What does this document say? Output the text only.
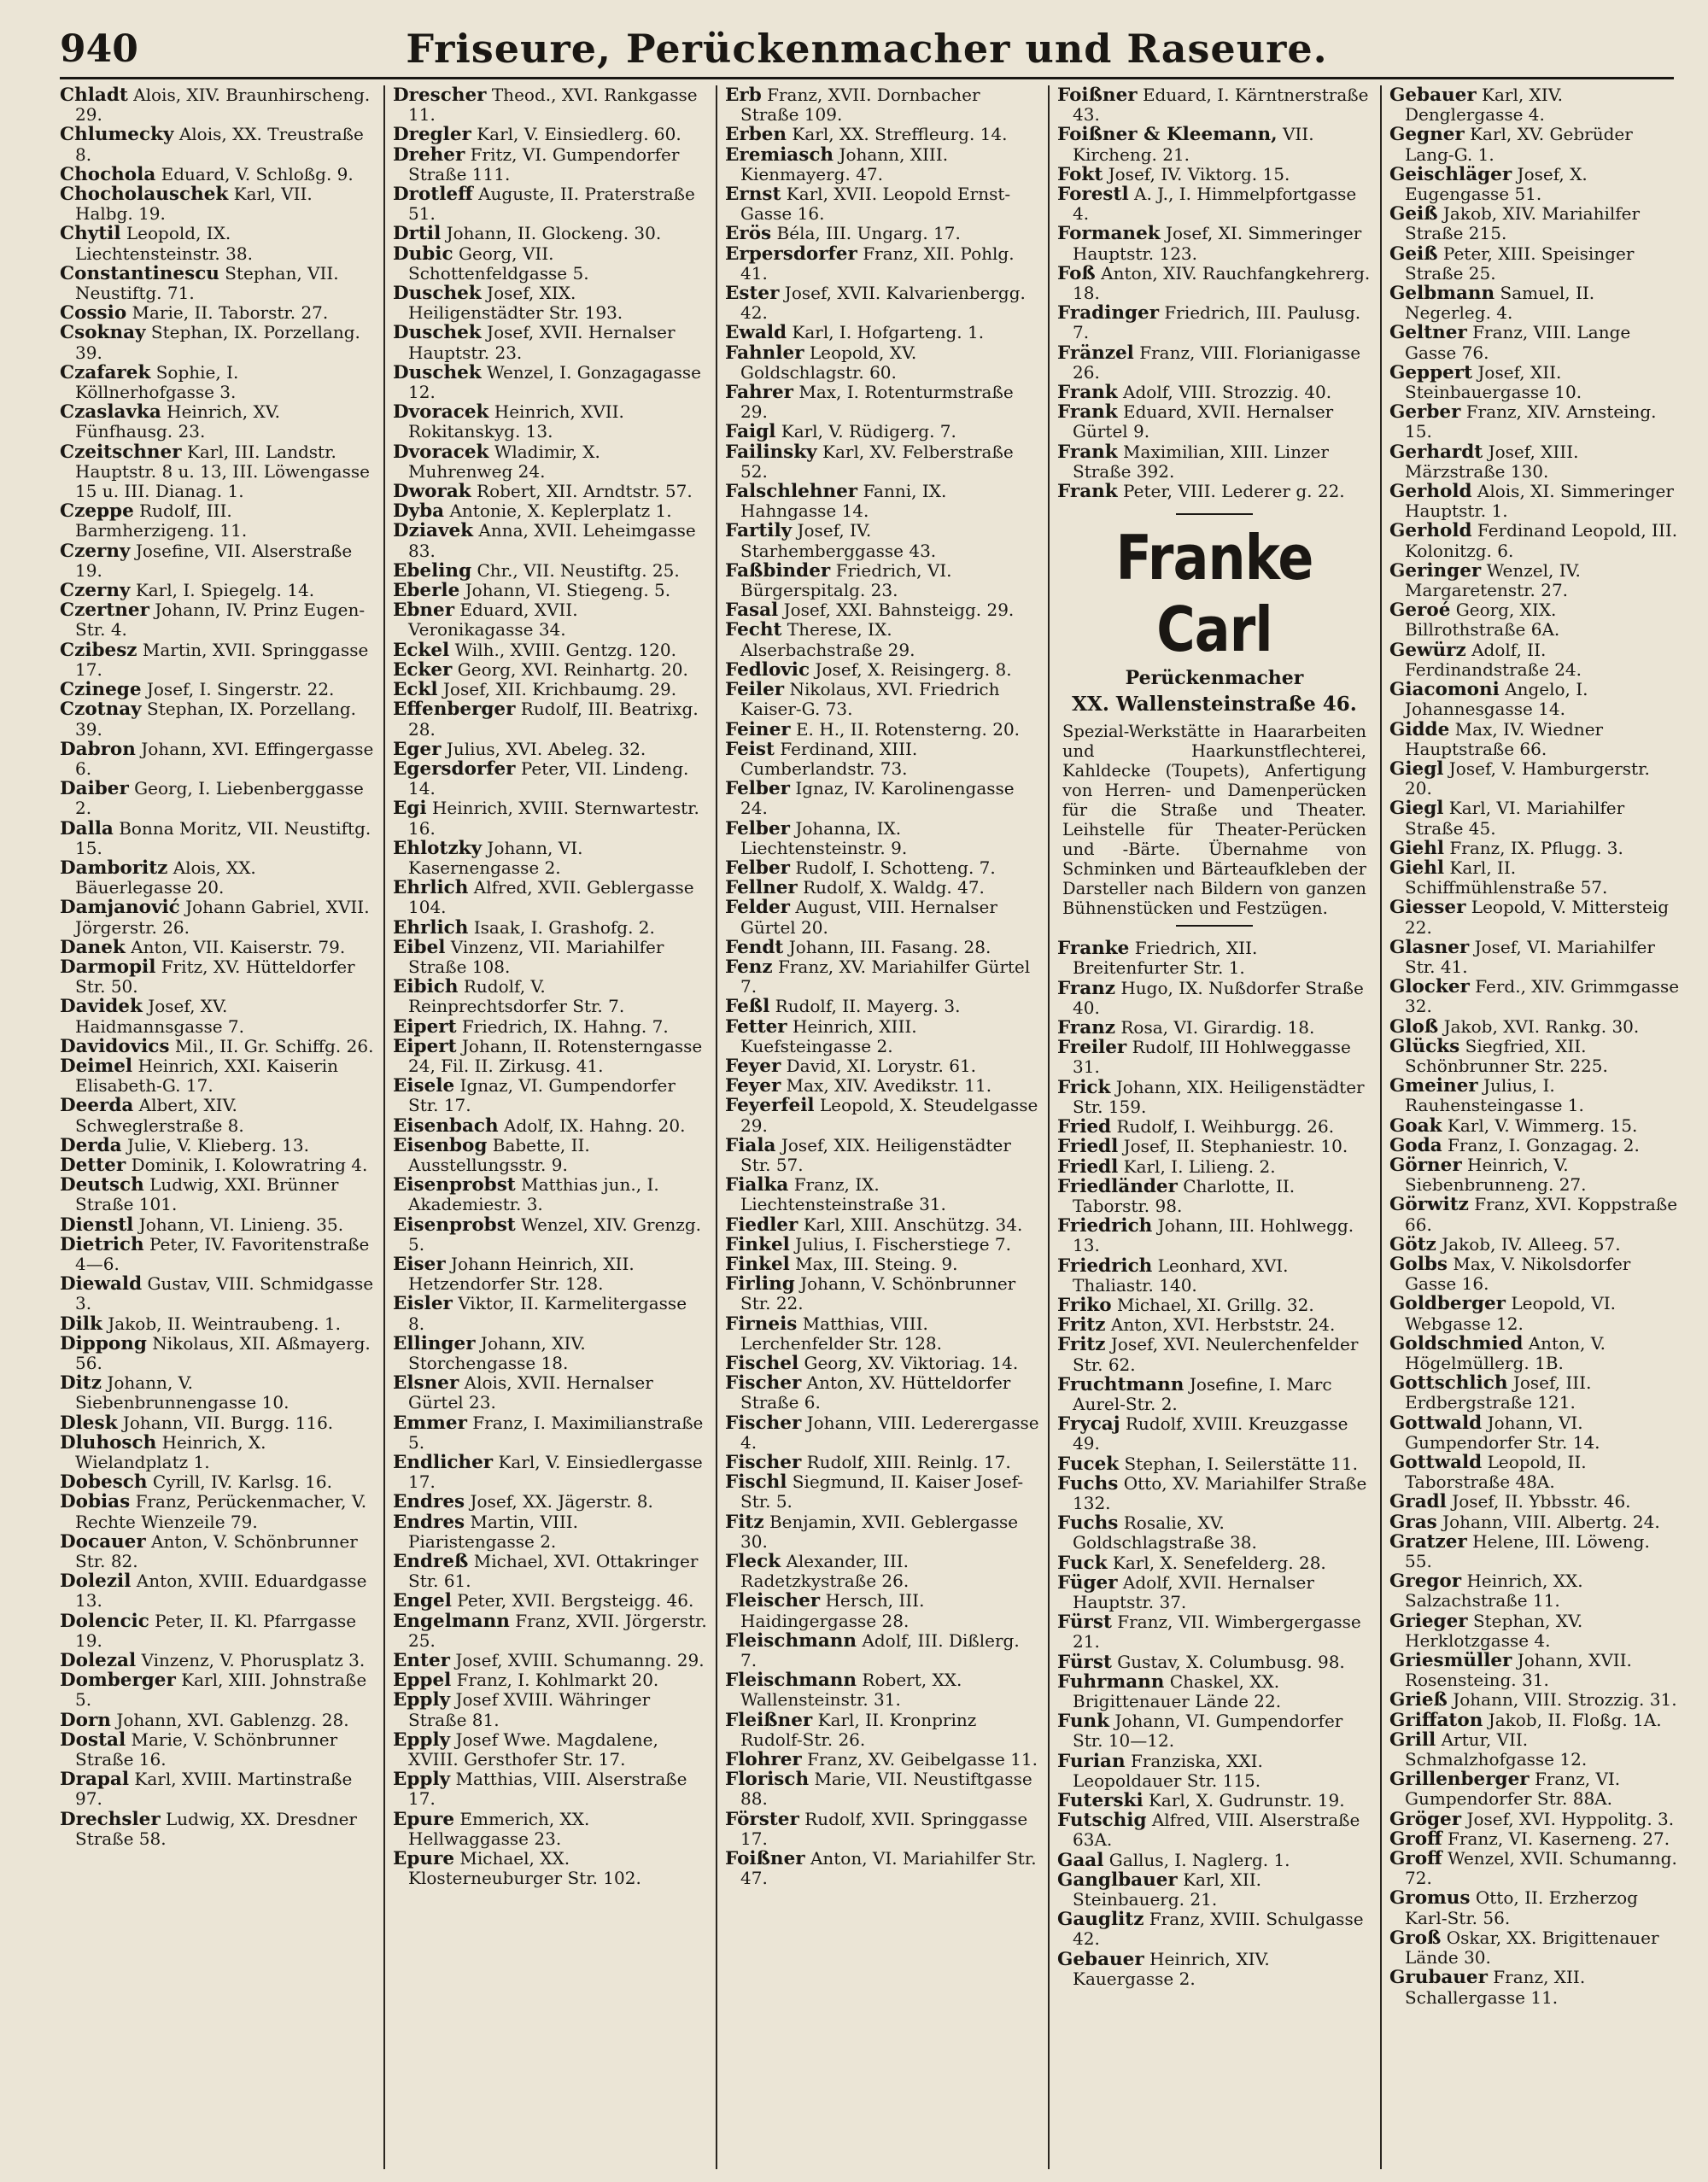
940	Friseure, Perückenmacher und Raseure.
Chladt Alois, XIV. Braunhirscheng. 29.
Chlumecky Alois, XX. Treustraße 8.
Chochola Eduard, V. Schloßg. 9.
Chocholauschek Karl, VII. Halbg. 19.
Chytil Leopold, IX. Liechtensteinstr. 38.
Constantinescu Stephan, VII. Neustiftg. 71.
Cossio Marie, II. Taborstr. 27.
Csoknay Stephan, IX. Porzellang. 39.
Czafarek Sophie, I. Köllnerhofgasse 3.
Czaslavka Heinrich, XV. Fünfhausg. 23.
Czeitschner Karl, III. Landstr. Hauptstr. 8 u. 13, III. Löwengasse 15 u. III. Dianag. 1.
Czeppe Rudolf, III. Barmherzigeng. 11.
Czerny Josefine, VII. Alserstraße 19.
Czerny Karl, I. Spiegelg. 14.
Czertner Johann, IV. Prinz Eugen-Str. 4.
Czibesz Martin, XVII. Springgasse 17.
Czinege Josef, I. Singerstr. 22.
Czotnay Stephan, IX. Porzellang. 39.
Dabron Johann, XVI. Effingergasse 6.
Daiber Georg, I. Liebenberggasse 2.
Dalla Bonna Moritz, VII. Neustiftg. 15.
Damboritz Alois, XX. Bäuerlegasse 20.
Damjanović Johann Gabriel, XVII. Jörgerstr. 26.
Danek Anton, VII. Kaiserstr. 79.
Darmopil Fritz, XV. Hütteldorfer Str. 50.
Davidek Josef, XV. Haidmannsgasse 7.
Davidovics Mil., II. Gr. Schiffg. 26.
Deimel Heinrich, XXI. Kaiserin Elisabeth-G. 17.
Deerda Albert, XIV. Schweglerstraße 8.
Derda Julie, V. Klieberg. 13.
Detter Dominik, I. Kolowratring 4.
Deutsch Ludwig, XXI. Brünner Straße 101.
Dienstl Johann, VI. Linieng. 35.
Dietrich Peter, IV. Favoritenstraße 4—6.
Diewald Gustav, VIII. Schmidgasse 3.
Dilk Jakob, II. Weintraubeng. 1.
Dippong Nikolaus, XII. Aßmayerg. 56.
Ditz Johann, V. Siebenbrunnengasse 10.
Dlesk Johann, VII. Burgg. 116.
Dluhosch Heinrich, X. Wielandplatz 1.
Dobesch Cyrill, IV. Karlsg. 16.
Dobias Franz, Perückenmacher, V. Rechte Wienzeile 79.
Docauer Anton, V. Schönbrunner Str. 82.
Dolezil Anton, XVIII. Eduardgasse 13.
Dolencic Peter, II. Kl. Pfarrgasse 19.
Dolezal Vinzenz, V. Phorusplatz 3.
Domberger Karl, XIII. Johnstraße 5.
Dorn Johann, XVI. Gablenzg. 28.
Dostal Marie, V. Schönbrunner Straße 16.
Drapal Karl, XVIII. Martinstraße 97.
Drechsler Ludwig, XX. Dresdner Straße 58.
Drescher Theod., XVI. Rankgasse 11.
Dregler Karl, V. Einsiedlerg. 60.
Dreher Fritz, VI. Gumpendorfer Straße 111.
Drotleff Auguste, II. Praterstraße 51.
Drtil Johann, II. Glockeng. 30.
Dubic Georg, VII. Schottenfeldgasse 5.
Duschek Josef, XIX. Heiligenstädter Str. 193.
Duschek Josef, XVII. Hernalser Hauptstr. 23.
Duschek Wenzel, I. Gonzagagasse 12.
Dvoracek Heinrich, XVII. Rokitanskyg. 13.
Dvoracek Wladimir, X. Muhrenweg 24.
Dworak Robert, XII. Arndtstr. 57.
Dyba Antonie, X. Keplerplatz 1.
Dziavek Anna, XVII. Leheimgasse 83.
Ebeling Chr., VII. Neustiftg. 25.
Eberle Johann, VI. Stiegeng. 5.
Ebner Eduard, XVII. Veronikagasse 34.
Eckel Wilh., XVIII. Gentzg. 120.
Ecker Georg, XVI. Reinhartg. 20.
Eckl Josef, XII. Krichbaumg. 29.
Effenberger Rudolf, III. Beatrixg. 28.
Eger Julius, XVI. Abeleg. 32.
Egersdorfer Peter, VII. Lindeng. 14.
Egi Heinrich, XVIII. Sternwartestr. 16.
Ehlotzky Johann, VI. Kasernengasse 2.
Ehrlich Alfred, XVII. Geblergasse 104.
Ehrlich Isaak, I. Grashofg. 2.
Eibel Vinzenz, VII. Mariahilfer Straße 108.
Eibich Rudolf, V. Reinprechtsdorfer Str. 7.
Eipert Friedrich, IX. Hahng. 7.
Eipert Johann, II. Rotensterngasse 24, Fil. II. Zirkusg. 41.
Eisele Ignaz, VI. Gumpendorfer Str. 17.
Eisenbach Adolf, IX. Hahng. 20.
Eisenbog Babette, II. Ausstellungsstr. 9.
Eisenprobst Matthias jun., I. Akademiestr. 3.
Eisenprobst Wenzel, XIV. Grenzg. 5.
Eiser Johann Heinrich, XII. Hetzendorfer Str. 128.
Eisler Viktor, II. Karmelitergasse 8.
Ellinger Johann, XIV. Storchengasse 18.
Elsner Alois, XVII. Hernalser Gürtel 23.
Emmer Franz, I. Maximilianstraße 5.
Endlicher Karl, V. Einsiedlergasse 17.
Endres Josef, XX. Jägerstr. 8.
Endres Martin, VIII. Piaristengasse 2.
Endreß Michael, XVI. Ottakringer Str. 61.
Engel Peter, XVII. Bergsteigg. 46.
Engelmann Franz, XVII. Jörgerstr. 25.
Enter Josef, XVIII. Schumanng. 29.
Eppel Franz, I. Kohlmarkt 20.
Epply Josef XVIII. Währinger Straße 81.
Epply Josef Wwe. Magdalene, XVIII. Gersthofer Str. 17.
Epply Matthias, VIII. Alserstraße 17.
Epure Emmerich, XX. Hellwaggasse 23.
Epure Michael, XX. Klosterneuburger Str. 102.
Erb Franz, XVII. Dornbacher Straße 109.
Erben Karl, XX. Streffleurg. 14.
Eremiasch Johann, XIII. Kienmayerg. 47.
Ernst Karl, XVII. Leopold Ernst-Gasse 16.
Erös Béla, III. Ungarg. 17.
Erpersdorfer Franz, XII. Pohlg. 41.
Ester Josef, XVII. Kalvarienbergg. 42.
Ewald Karl, I. Hofgarteng. 1.
Fahnler Leopold, XV. Goldschlagstr. 60.
Fahrer Max, I. Rotenturmstraße 29.
Faigl Karl, V. Rüdigerg. 7.
Failinsky Karl, XV. Felberstraße 52.
Falschlehner Fanni, IX. Hahngasse 14.
Fartily Josef, IV. Starhemberggasse 43.
Faßbinder Friedrich, VI. Bürgerspitalg. 23.
Fasal Josef, XXI. Bahnsteigg. 29.
Fecht Therese, IX. Alserbachstraße 29.
Fedlovic Josef, X. Reisingerg. 8.
Feiler Nikolaus, XVI. Friedrich Kaiser-G. 73.
Feiner E. H., II. Rotensterng. 20.
Feist Ferdinand, XIII. Cumberlandstr. 73.
Felber Ignaz, IV. Karolinengasse 24.
Felber Johanna, IX. Liechtensteinstr. 9.
Felber Rudolf, I. Schotteng. 7.
Fellner Rudolf, X. Waldg. 47.
Felder August, VIII. Hernalser Gürtel 20.
Fendt Johann, III. Fasang. 28.
Fenz Franz, XV. Mariahilfer Gürtel 7.
Feßl Rudolf, II. Mayerg. 3.
Fetter Heinrich, XIII. Kuefsteingasse 2.
Feyer David, XI. Lorystr. 61.
Feyer Max, XIV. Avedikstr. 11.
Feyerfeil Leopold, X. Steudelgasse 29.
Fiala Josef, XIX. Heiligenstädter Str. 57.
Fialka Franz, IX. Liechtensteinstraße 31.
Fiedler Karl, XIII. Anschützg. 34.
Finkel Julius, I. Fischerstiege 7.
Finkel Max, III. Steing. 9.
Firling Johann, V. Schönbrunner Str. 22.
Firneis Matthias, VIII. Lerchenfelder Str. 128.
Fischel Georg, XV. Viktoriag. 14.
Fischer Anton, XV. Hütteldorfer Straße 6.
Fischer Johann, VIII. Lederergasse 4.
Fischer Rudolf, XIII. Reinlg. 17.
Fischl Siegmund, II. Kaiser Josef-Str. 5.
Fitz Benjamin, XVII. Geblergasse 30.
Fleck Alexander, III. Radetzkystraße 26.
Fleischer Hersch, III. Haidingergasse 28.
Fleischmann Adolf, III. Dißlerg. 7.
Fleischmann Robert, XX. Wallensteinstr. 31.
Fleißner Karl, II. Kronprinz Rudolf-Str. 26.
Flohrer Franz, XV. Geibelgasse 11.
Florisch Marie, VII. Neustiftgasse 88.
Förster Rudolf, XVII. Springgasse 17.
Foißner Anton, VI. Mariahilfer Str. 47.
Foißner Eduard, I. Kärntnerstraße 43.
Foißner & Kleemann, VII. Kircheng. 21.
Fokt Josef, IV. Viktorg. 15.
Forestl A. J., I. Himmelpfortgasse 4.
Formanek Josef, XI. Simmeringer Hauptstr. 123.
Foß Anton, XIV. Rauchfangkehrerg. 18.
Fradinger Friedrich, III. Paulusg. 7.
Fränzel Franz, VIII. Florianigasse 26.
Frank Adolf, VIII. Strozzig. 40.
Frank Eduard, XVII. Hernalser Gürtel 9.
Frank Maximilian, XIII. Linzer Straße 392.
Frank Peter, VIII. Lederer g. 22.
Franke Carl
Perückenmacher
XX. Wallensteinstraße 46.
Spezial-Werkstätte in Haararbeiten und Haarkunstflechterei, Kahldecke (Toupets), Anfertigung von Herren- und Damenperücken für die Straße und Theater. Leihstelle für Theater-Perücken und -Bärte. Übernahme von Schminken und Bärteaufkleben der Darsteller nach Bildern von ganzen Bühnenstücken und Festzügen.
Franke Friedrich, XII. Breitenfurter Str. 1.
Franz Hugo, IX. Nußdorfer Straße 40.
Franz Rosa, VI. Girardig. 18.
Freiler Rudolf, III Hohlweggasse 31.
Frick Johann, XIX. Heiligenstädter Str. 159.
Fried Rudolf, I. Weihburgg. 26.
Friedl Josef, II. Stephaniestr. 10.
Friedl Karl, I. Lilieng. 2.
Friedländer Charlotte, II. Taborstr. 98.
Friedrich Johann, III. Hohlwegg. 13.
Friedrich Leonhard, XVI. Thaliastr. 140.
Friko Michael, XI. Grillg. 32.
Fritz Anton, XVI. Herbststr. 24.
Fritz Josef, XVI. Neulerchenfelder Str. 62.
Fruchtmann Josefine, I. Marc Aurel-Str. 2.
Frycaj Rudolf, XVIII. Kreuzgasse 49.
Fucek Stephan, I. Seilerstätte 11.
Fuchs Otto, XV. Mariahilfer Straße 132.
Fuchs Rosalie, XV. Goldschlagstraße 38.
Fuck Karl, X. Senefelderg. 28.
Füger Adolf, XVII. Hernalser Hauptstr. 37.
Fürst Franz, VII. Wimbergergasse 21.
Fürst Gustav, X. Columbusg. 98.
Fuhrmann Chaskel, XX. Brigittenauer Lände 22.
Funk Johann, VI. Gumpendorfer Str. 10—12.
Furian Franziska, XXI. Leopoldauer Str. 115.
Futerski Karl, X. Gudrunstr. 19.
Futschig Alfred, VIII. Alserstraße 63A.
Gaal Gallus, I. Naglerg. 1.
Ganglbauer Karl, XII. Steinbauerg. 21.
Gauglitz Franz, XVIII. Schulgasse 42.
Gebauer Heinrich, XIV. Kauergasse 2.
Gebauer Karl, XIV. Denglergasse 4.
Gegner Karl, XV. Gebrüder Lang-G. 1.
Geischläger Josef, X. Eugengasse 51.
Geiß Jakob, XIV. Mariahilfer Straße 215.
Geiß Peter, XIII. Speisinger Straße 25.
Gelbmann Samuel, II. Negerleg. 4.
Geltner Franz, VIII. Lange Gasse 76.
Geppert Josef, XII. Steinbauergasse 10.
Gerber Franz, XIV. Arnsteing. 15.
Gerhardt Josef, XIII. Märzstraße 130.
Gerhold Alois, XI. Simmeringer Hauptstr. 1.
Gerhold Ferdinand Leopold, III. Kolonitzg. 6.
Geringer Wenzel, IV. Margaretenstr. 27.
Geroé Georg, XIX. Billrothstraße 6A.
Gewürz Adolf, II. Ferdinandstraße 24.
Giacomoni Angelo, I. Johannesgasse 14.
Gidde Max, IV. Wiedner Hauptstraße 66.
Giegl Josef, V. Hamburgerstr. 20.
Giegl Karl, VI. Mariahilfer Straße 45.
Giehl Franz, IX. Pflugg. 3.
Giehl Karl, II. Schiffmühlenstraße 57.
Giesser Leopold, V. Mittersteig 22.
Glasner Josef, VI. Mariahilfer Str. 41.
Glocker Ferd., XIV. Grimmgasse 32.
Gloß Jakob, XVI. Rankg. 30.
Glücks Siegfried, XII. Schönbrunner Str. 225.
Gmeiner Julius, I. Rauhensteingasse 1.
Goak Karl, V. Wimmerg. 15.
Goda Franz, I. Gonzagag. 2.
Görner Heinrich, V. Siebenbrunneng. 27.
Görwitz Franz, XVI. Koppstraße 66.
Götz Jakob, IV. Alleeg. 57.
Golbs Max, V. Nikolsdorfer Gasse 16.
Goldberger Leopold, VI. Webgasse 12.
Goldschmied Anton, V. Högelmüllerg. 1B.
Gottschlich Josef, III. Erdbergstraße 121.
Gottwald Johann, VI. Gumpendorfer Str. 14.
Gottwald Leopold, II. Taborstraße 48A.
Gradl Josef, II. Ybbsstr. 46.
Gras Johann, VIII. Albertg. 24.
Gratzer Helene, III. Löweng. 55.
Gregor Heinrich, XX. Salzachstraße 11.
Grieger Stephan, XV. Herklotzgasse 4.
Griesmüller Johann, XVII. Rosensteing. 31.
Grieß Johann, VIII. Strozzig. 31.
Griffaton Jakob, II. Floßg. 1A.
Grill Artur, VII. Schmalzhofgasse 12.
Grillenberger Franz, VI. Gumpendorfer Str. 88A.
Gröger Josef, XVI. Hyppolitg. 3.
Groff Franz, VI. Kaserneng. 27.
Groff Wenzel, XVII. Schumanng. 72.
Gromus Otto, II. Erzherzog Karl-Str. 56.
Groß Oskar, XX. Brigittenauer Lände 30.
Grubauer Franz, XII. Schallergasse 11.
